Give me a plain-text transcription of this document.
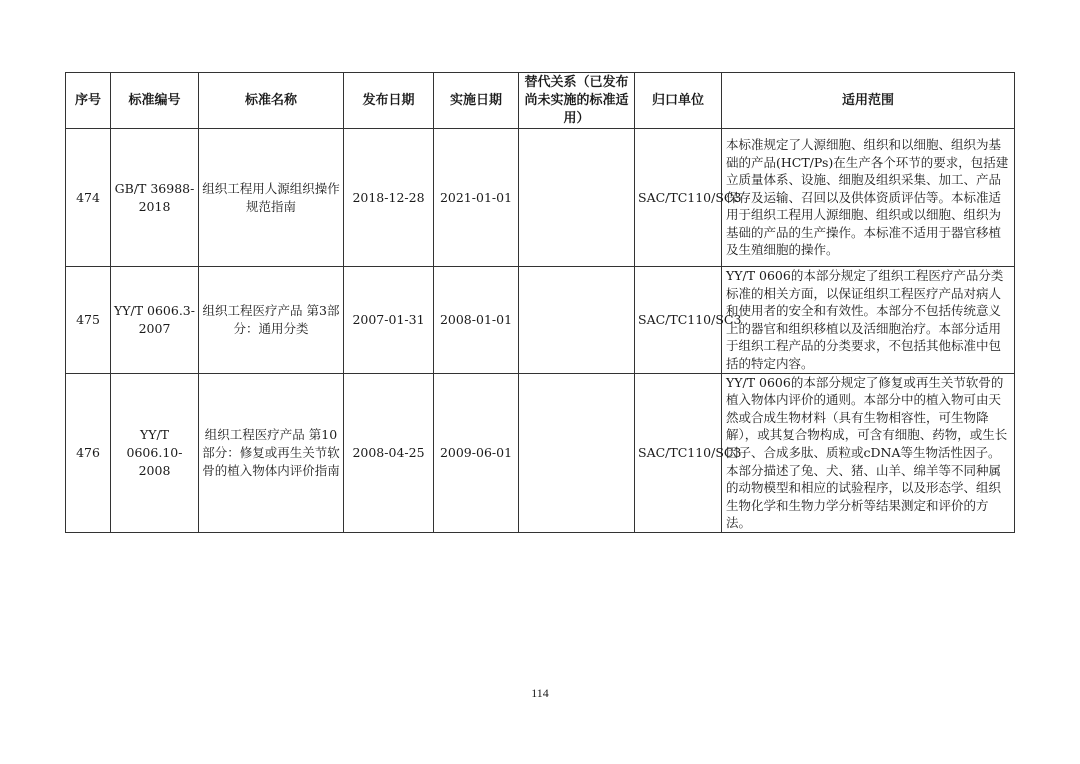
序号	标准编号	标准名称	发布日期	实施日期	替代关系（已发布尚未实施的标准适用）	归口单位	适用范围
474	GB/T 36988-2018	组织工程用人源组织操作规范指南	2018-12-28	2021-01-01		SAC/TC110/SC3	本标准规定了人源细胞、组织和以细胞、组织为基础的产品(HCT/Ps)在生产各个环节的要求，包括建立质量体系、设施、细胞及组织采集、加工、产品保存及运输、召回以及供体资质评估等。本标准适用于组织工程用人源细胞、组织或以细胞、组织为基础的产品的生产操作。本标准不适用于器官移植及生殖细胞的操作。
475	YY/T 0606.3-2007	组织工程医疗产品 第3部分：通用分类	2007-01-31	2008-01-01		SAC/TC110/SC3	YY/T 0606的本部分规定了组织工程医疗产品分类标准的相关方面，以保证组织工程医疗产品对病人和使用者的安全和有效性。本部分不包括传统意义上的器官和组织移植以及活细胞治疗。本部分适用于组织工程产品的分类要求，不包括其他标准中包括的特定内容。
476	YY/T 0606.10-2008	组织工程医疗产品 第10部分：修复或再生关节软骨的植入物体内评价指南	2008-04-25	2009-06-01		SAC/TC110/SC3	YY/T 0606的本部分规定了修复或再生关节软骨的植入物体内评价的通则。本部分中的植入物可由天然或合成生物材料（具有生物相容性，可生物降解），或其复合物构成，可含有细胞、药物，或生长因子、合成多肽、质粒或cDNA等生物活性因子。本部分描述了兔、犬、猪、山羊、绵羊等不同种属的动物模型和相应的试验程序，以及形态学、组织生物化学和生物力学分析等结果测定和评价的方法。
114
